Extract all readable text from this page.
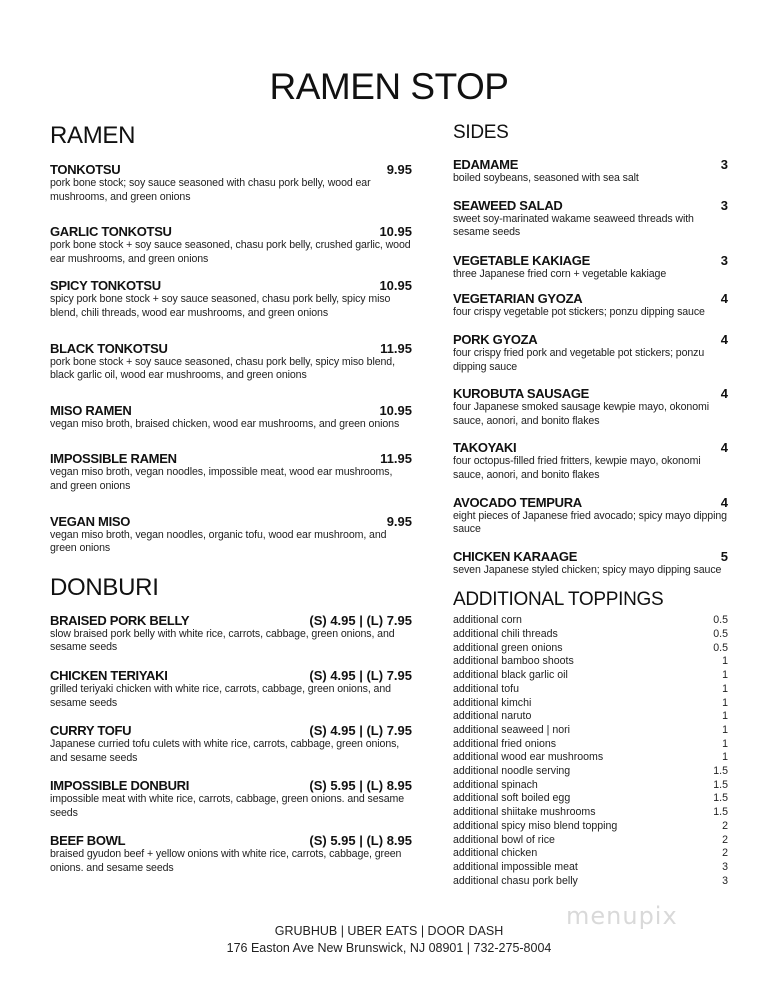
RAMEN STOP
RAMEN
TONKOTSU	9.95
pork bone stock; soy sauce seasoned with chasu pork belly, wood ear mushrooms, and green onions
GARLIC TONKOTSU	10.95
pork bone stock + soy sauce seasoned, chasu pork belly, crushed garlic, wood ear mushrooms, and green onions
SPICY TONKOTSU	10.95
spicy pork bone stock + soy sauce seasoned, chasu pork belly, spicy miso blend, chili threads, wood ear mushrooms, and green onions
BLACK TONKOTSU	11.95
pork bone stock + soy sauce seasoned, chasu pork belly, spicy miso blend, black garlic oil, wood ear mushrooms, and green onions
MISO RAMEN	10.95
vegan miso broth, braised chicken, wood ear mushrooms, and green onions
IMPOSSIBLE RAMEN	11.95
vegan miso broth, vegan noodles, impossible meat, wood ear mushrooms, and green onions
VEGAN MISO	9.95
vegan miso broth, vegan noodles, organic tofu, wood ear mushroom, and green onions
DONBURI
BRAISED PORK BELLY	(S) 4.95 | (L) 7.95
slow braised pork belly with white rice, carrots, cabbage, green onions, and sesame seeds
CHICKEN TERIYAKI	(S) 4.95 | (L) 7.95
grilled teriyaki chicken with white rice, carrots, cabbage, green onions, and sesame seeds
CURRY TOFU	(S) 4.95 | (L) 7.95
Japanese curried tofu culets with white rice, carrots, cabbage, green onions, and sesame seeds
IMPOSSIBLE DONBURI	(S) 5.95 | (L) 8.95
impossible meat with white rice, carrots, cabbage, green onions. and sesame seeds
BEEF BOWL	(S) 5.95 | (L) 8.95
braised gyudon beef + yellow onions with white rice, carrots, cabbage, green onions. and sesame seeds
SIDES
EDAMAME	3
boiled soybeans, seasoned with sea salt
SEAWEED SALAD	3
sweet soy-marinated wakame seaweed threads with sesame seeds
VEGETABLE KAKIAGE	3
three Japanese fried corn + vegetable kakiage
VEGETARIAN GYOZA	4
four crispy vegetable pot stickers; ponzu dipping sauce
PORK GYOZA	4
four crispy fried pork and vegetable pot stickers; ponzu dipping sauce
KUROBUTA SAUSAGE	4
four Japanese smoked sausage kewpie mayo, okonomi sauce, aonori, and bonito flakes
TAKOYAKI	4
four octopus-filled fried fritters, kewpie mayo, okonomi sauce, aonori, and bonito flakes
AVOCADO TEMPURA	4
eight pieces of Japanese fried avocado; spicy mayo dipping sauce
CHICKEN KARAAGE	5
seven Japanese styled chicken; spicy mayo dipping sauce
ADDITIONAL TOPPINGS
additional corn	0.5
additional chili threads	0.5
additional green onions	0.5
additional bamboo shoots	1
additional black garlic oil	1
additional tofu	1
additional kimchi	1
additional naruto	1
additional seaweed | nori	1
additional fried onions	1
additional wood ear mushrooms	1
additional noodle serving	1.5
additional spinach	1.5
additional soft boiled egg	1.5
additional shiitake mushrooms	1.5
additional spicy miso blend topping	2
additional bowl of rice	2
additional chicken	2
additional impossible meat	3
additional chasu pork belly	3
GRUBHUB | UBER EATS | DOOR DASH
176 Easton Ave New Brunswick, NJ 08901 | 732-275-8004
menupix
